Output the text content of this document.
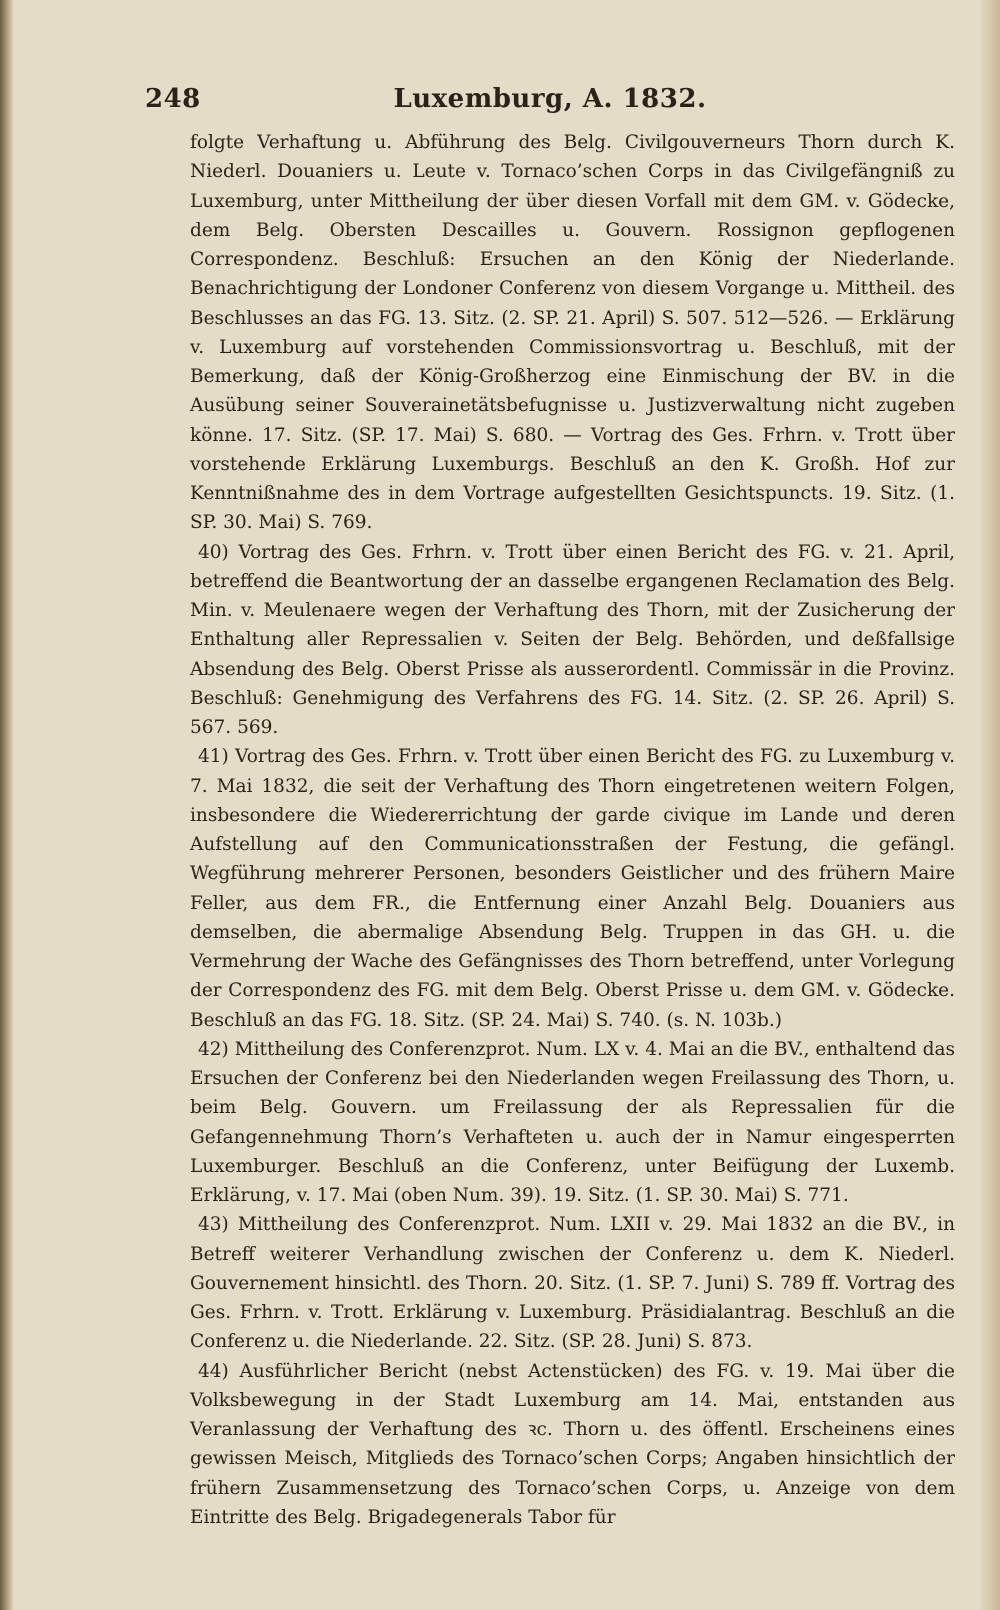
248	Luxemburg, A. 1832.

folgte Verhaftung u. Abführung des Belg. Civilgouverneurs Thorn durch K. Niederl. Douaniers u. Leute v. Tornaco’schen Corps in das Civilgefängniß zu Luxemburg, unter Mittheilung der über diesen Vorfall mit dem GM. v. Gödecke, dem Belg. Obersten Descailles u. Gouvern. Rossignon gepflogenen Correspondenz. Beschluß: Ersuchen an den König der Niederlande. Benachrichtigung der Londoner Conferenz von diesem Vorgange u. Mittheil. des Beschlusses an das FG. 13. Sitz. (2. SP. 21. April) S. 507. 512—526. — Erklärung v. Luxemburg auf vorstehenden Commissionsvortrag u. Beschluß, mit der Bemerkung, daß der König-Großherzog eine Einmischung der BV. in die Ausübung seiner Souverainetätsbefugnisse u. Justizverwaltung nicht zugeben könne. 17. Sitz. (SP. 17. Mai) S. 680. — Vortrag des Ges. Frhrn. v. Trott über vorstehende Erklärung Luxemburgs. Beschluß an den K. Großh. Hof zur Kenntnißnahme des in dem Vortrage aufgestellten Gesichtspuncts. 19. Sitz. (1. SP. 30. Mai) S. 769.

40) Vortrag des Ges. Frhrn. v. Trott über einen Bericht des FG. v. 21. April, betreffend die Beantwortung der an dasselbe ergangenen Reclamation des Belg. Min. v. Meulenaere wegen der Verhaftung des Thorn, mit der Zusicherung der Enthaltung aller Repressalien v. Seiten der Belg. Behörden, und deßfallsige Absendung des Belg. Oberst Prisse als ausserordentl. Commissär in die Provinz. Beschluß: Genehmigung des Verfahrens des FG. 14. Sitz. (2. SP. 26. April) S. 567. 569.

41) Vortrag des Ges. Frhrn. v. Trott über einen Bericht des FG. zu Luxemburg v. 7. Mai 1832, die seit der Verhaftung des Thorn eingetretenen weitern Folgen, insbesondere die Wiedererrichtung der garde civique im Lande und deren Aufstellung auf den Communicationsstraßen der Festung, die gefängl. Wegführung mehrerer Personen, besonders Geistlicher und des frühern Maire Feller, aus dem FR., die Entfernung einer Anzahl Belg. Douaniers aus demselben, die abermalige Absendung Belg. Truppen in das GH. u. die Vermehrung der Wache des Gefängnisses des Thorn betreffend, unter Vorlegung der Correspondenz des FG. mit dem Belg. Oberst Prisse u. dem GM. v. Gödecke. Beschluß an das FG. 18. Sitz. (SP. 24. Mai) S. 740. (s. N. 103b.)

42) Mittheilung des Conferenzprot. Num. LX v. 4. Mai an die BV., enthaltend das Ersuchen der Conferenz bei den Niederlanden wegen Freilassung des Thorn, u. beim Belg. Gouvern. um Freilassung der als Repressalien für die Gefangennehmung Thorn’s Verhafteten u. auch der in Namur eingesperrten Luxemburger. Beschluß an die Conferenz, unter Beifügung der Luxemb. Erklärung, v. 17. Mai (oben Num. 39). 19. Sitz. (1. SP. 30. Mai) S. 771.

43) Mittheilung des Conferenzprot. Num. LXII v. 29. Mai 1832 an die BV., in Betreff weiterer Verhandlung zwischen der Conferenz u. dem K. Niederl. Gouvernement hinsichtl. des Thorn. 20. Sitz. (1. SP. 7. Juni) S. 789 ff. Vortrag des Ges. Frhrn. v. Trott. Erklärung v. Luxemburg. Präsidialantrag. Beschluß an die Conferenz u. die Niederlande. 22. Sitz. (SP. 28. Juni) S. 873.

44) Ausführlicher Bericht (nebst Actenstücken) des FG. v. 19. Mai über die Volksbewegung in der Stadt Luxemburg am 14. Mai, entstanden aus Veranlassung der Verhaftung des ꝛc. Thorn u. des öffentl. Erscheinens eines gewissen Meisch, Mitglieds des Tornaco’schen Corps; Angaben hinsichtlich der frühern Zusammensetzung des Tornaco’schen Corps, u. Anzeige von dem Eintritte des Belg. Brigadegenerals Tabor für
